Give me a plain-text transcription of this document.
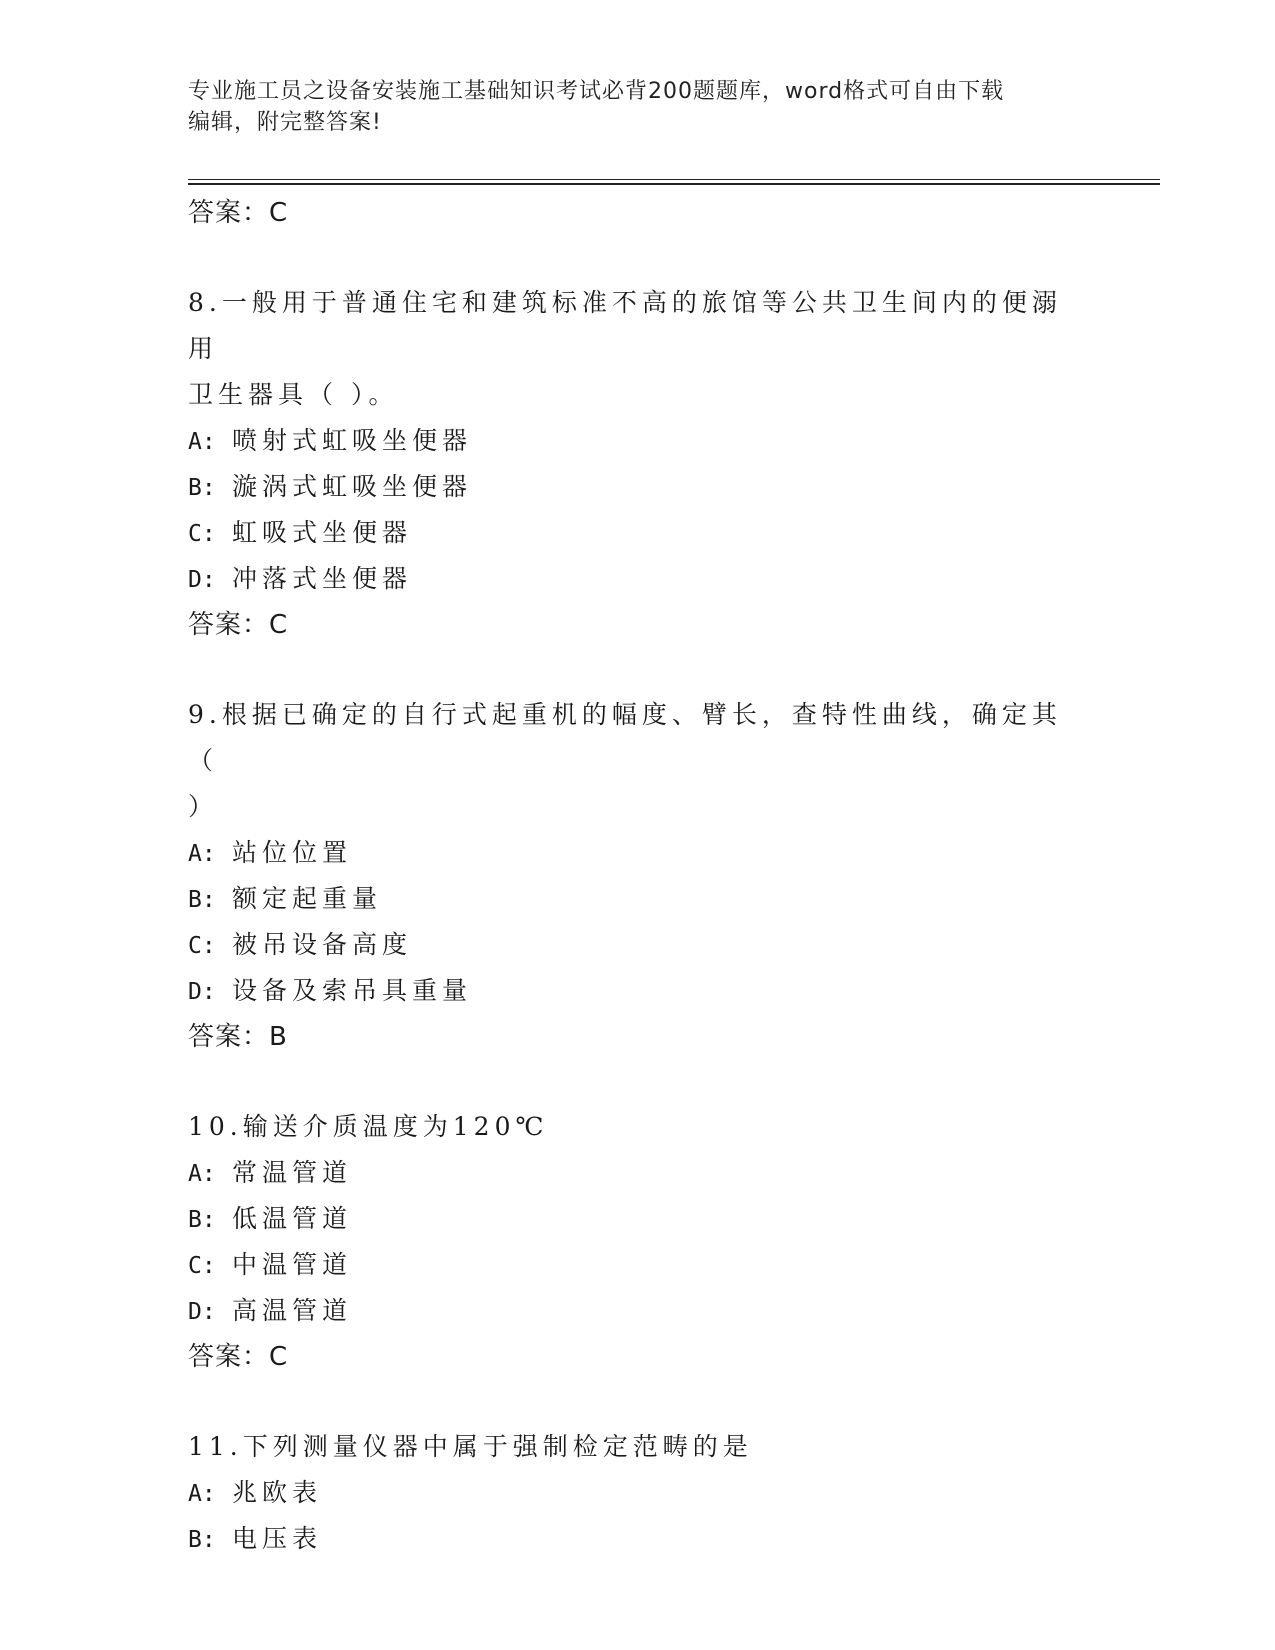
专业施工员之设备安装施工基础知识考试必背200题题库，word格式可自由下载
编辑，附完整答案!
答案：C
8.一般用于普通住宅和建筑标准不高的旅馆等公共卫生间内的便溺用
卫生器具（ ）。
A: 喷射式虹吸坐便器
B: 漩涡式虹吸坐便器
C: 虹吸式坐便器
D: 冲落式坐便器
答案：C
9.根据已确定的自行式起重机的幅度、臂长，查特性曲线，确定其（
）
A: 站位位置
B: 额定起重量
C: 被吊设备高度
D: 设备及索吊具重量
答案：B
10.输送介质温度为120℃
A: 常温管道
B: 低温管道
C: 中温管道
D: 高温管道
答案：C
11.下列测量仪器中属于强制检定范畴的是
A: 兆欧表
B: 电压表
